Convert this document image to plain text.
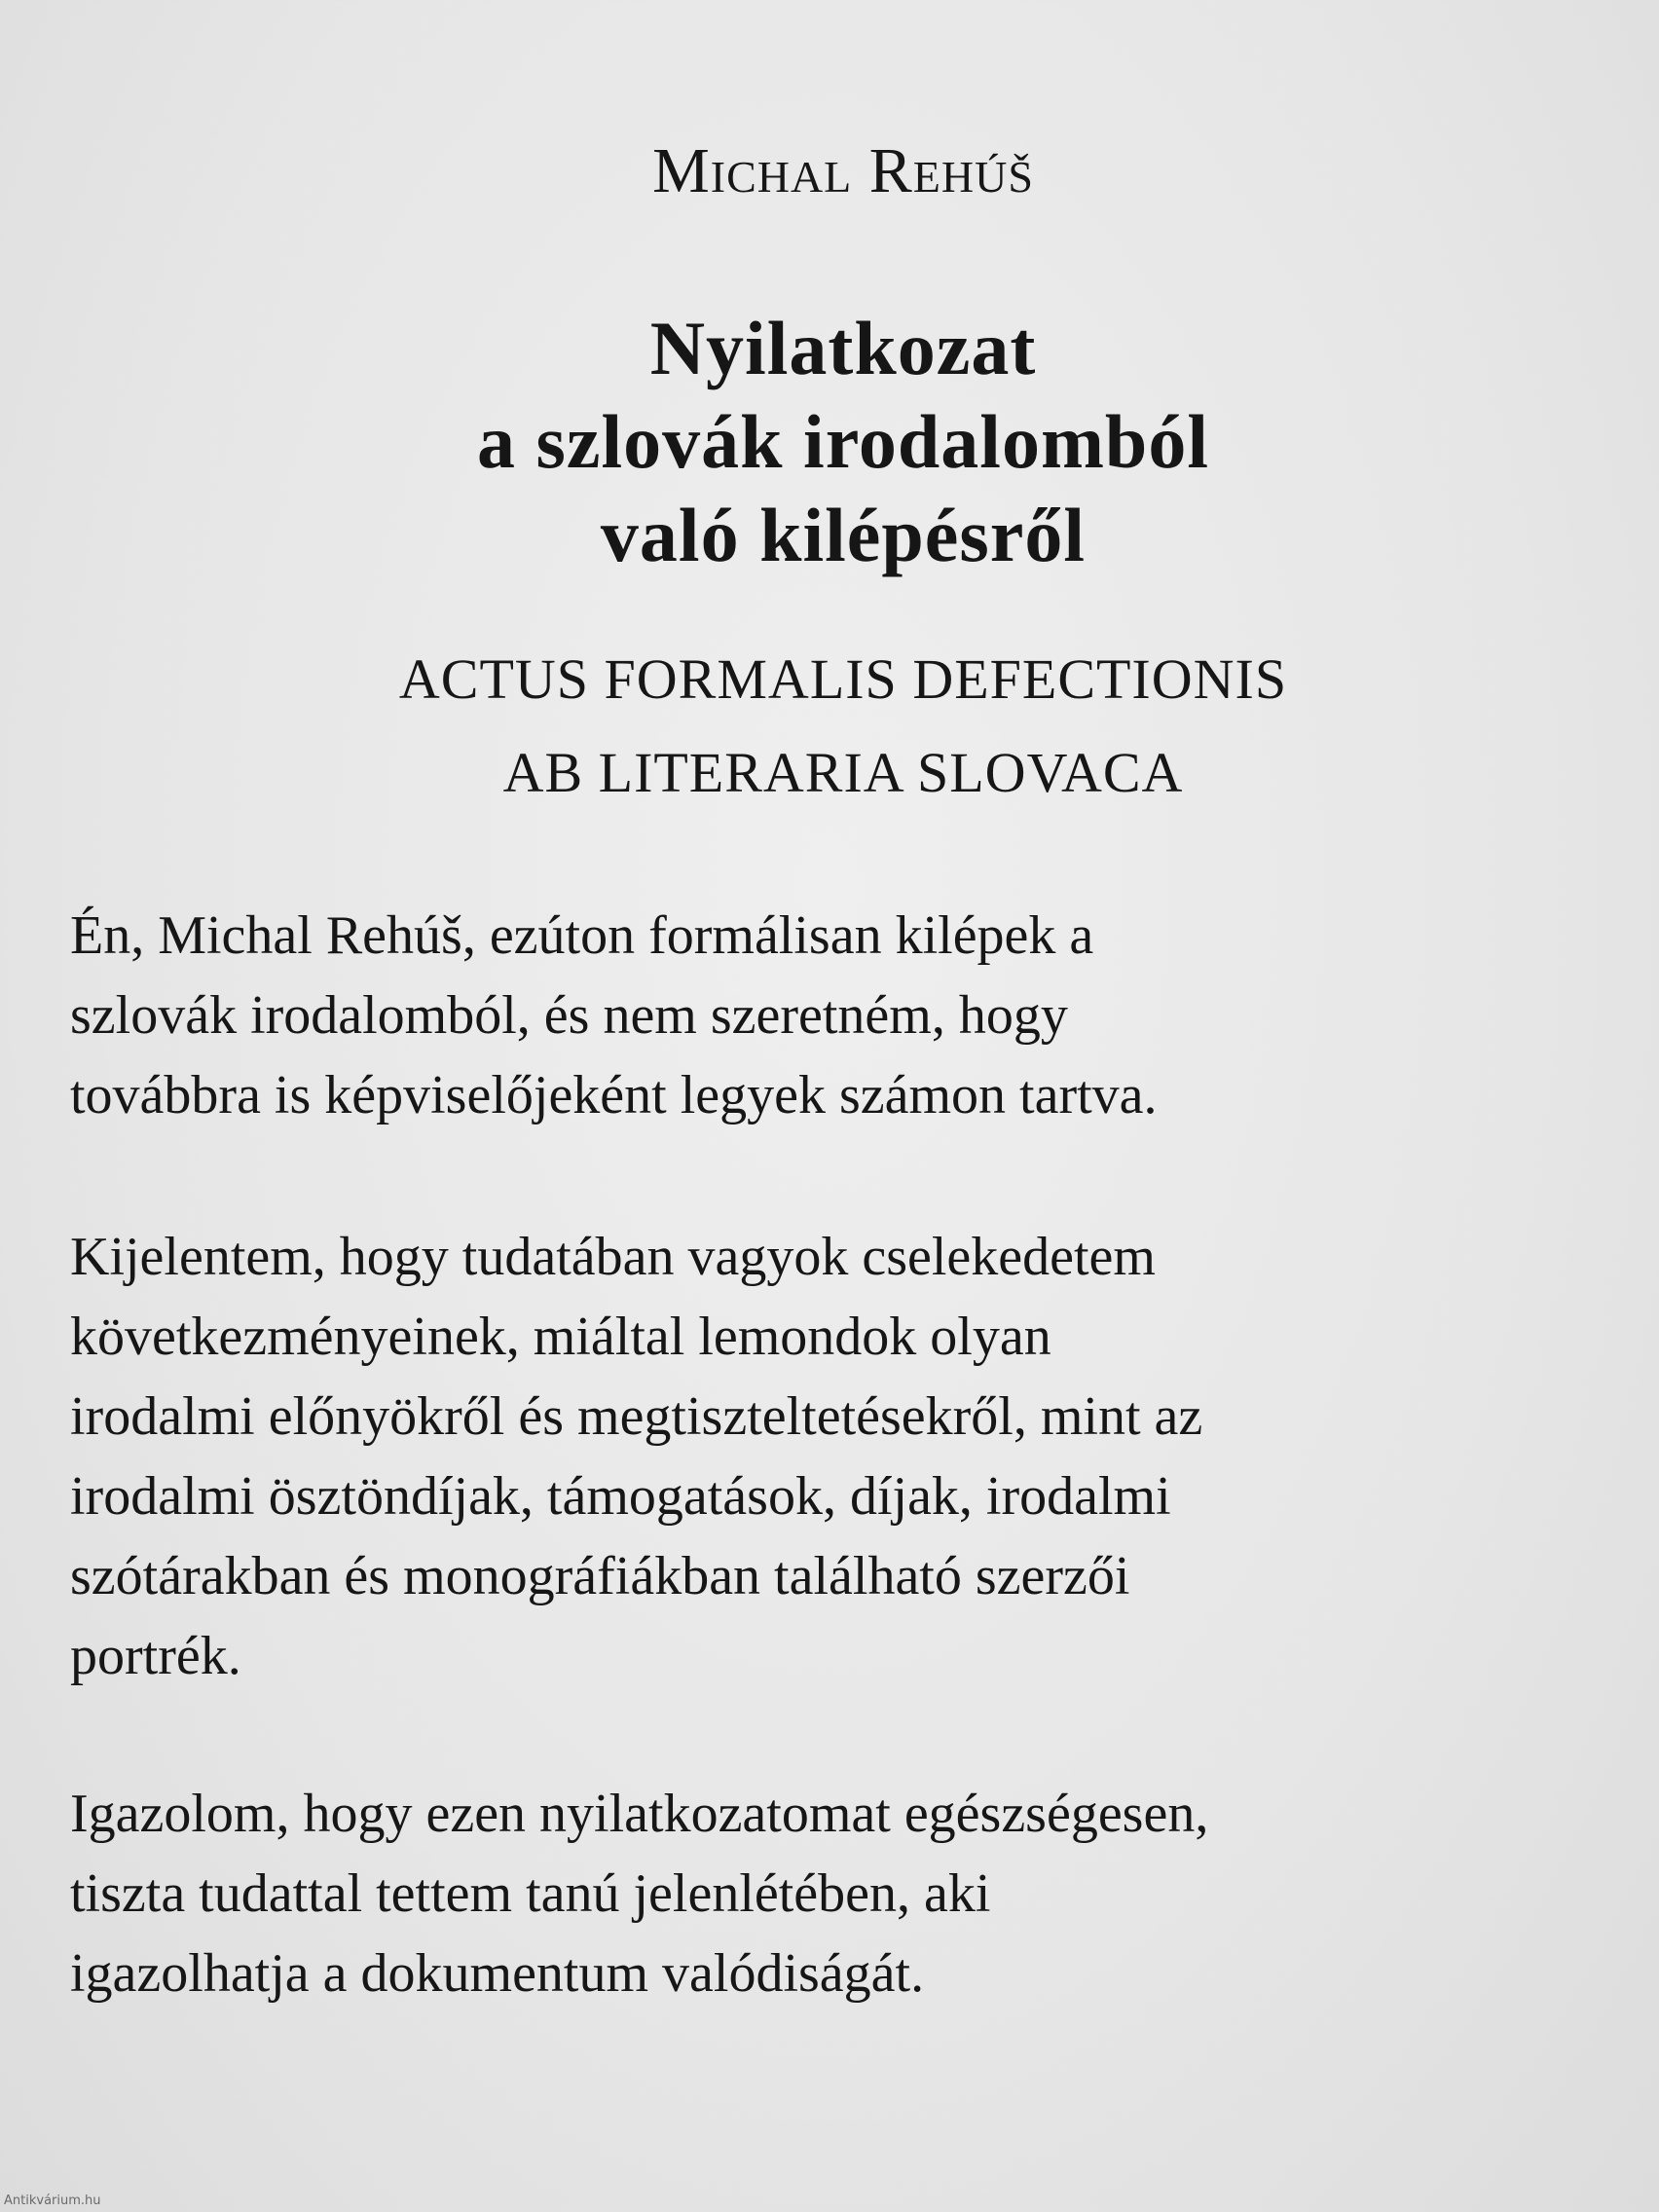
Michal Rehúš
Nyilatkozat
a szlovák irodalomból
való kilépésről
ACTUS FORMALIS DEFECTIONIS
AB LITERARIA SLOVACA
Én, Michal Rehúš, ezúton formálisan kilépek a
szlovák irodalomból, és nem szeretném, hogy
továbbra is képviselőjeként legyek számon tartva.
Kijelentem, hogy tudatában vagyok cselekedetem
következményeinek, miáltal lemondok olyan
irodalmi előnyökről és megtiszteltetésekről, mint az
irodalmi ösztöndíjak, támogatások, díjak, irodalmi
szótárakban és monográfiákban található szerzői
portrék.
Igazolom, hogy ezen nyilatkozatomat egészségesen,
tiszta tudattal tettem tanú jelenlétében, aki
igazolhatja a dokumentum valódiságát.
Antikvárium.hu
